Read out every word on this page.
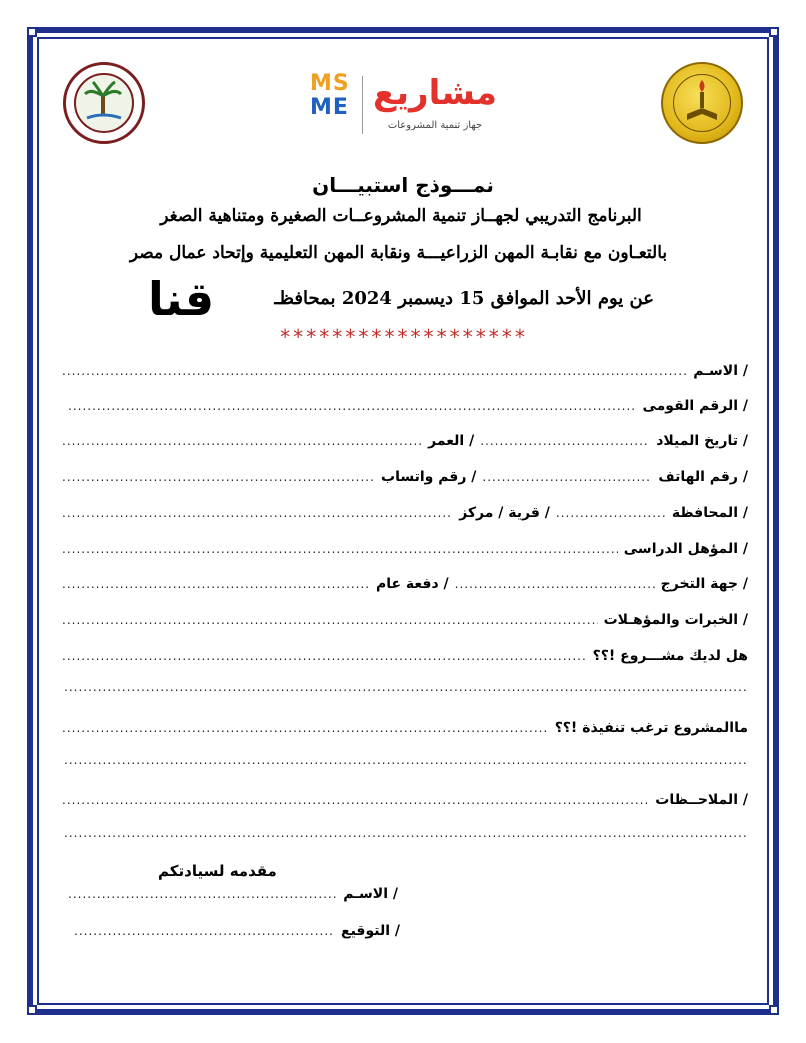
MS
ME مشاريع
جهاز تنمية المشروعات
نمـــوذج استبيـــان
البرنامج التدريبي لجهــاز تنمية المشروعــات الصغيرة ومتناهية الصغر
بالتعـاون مع نقابـة المهن الزراعيـــة ونقابة المهن التعليمية وإتحاد عمال مصر
عن يوم الأحد الموافق 15 ديسمبر 2024 بمحافظـ
قنا
*******************
الاسـم /
.....
الرقم القومى /
.....
تاريخ الميلاد /
.....
العمر /
.....
رقم الهاتف /
.....
رقم واتساب /
.....
المحافظة /
.....
قرية / مركز /
.....
المؤهل الدراسى /
.....
جهة التخرج /
.....
دفعة عام /
.....
الخبرات والمؤهـلات /
.....
هل لديك مشـــروع !؟؟
.....
.....
ماالمشروع ترغب تنفيذة !؟؟
.....
.....
الملاحــظات /
.....
.....
مقدمه لسيادتكم
الاسـم /
.....
التوقيع /
.....
